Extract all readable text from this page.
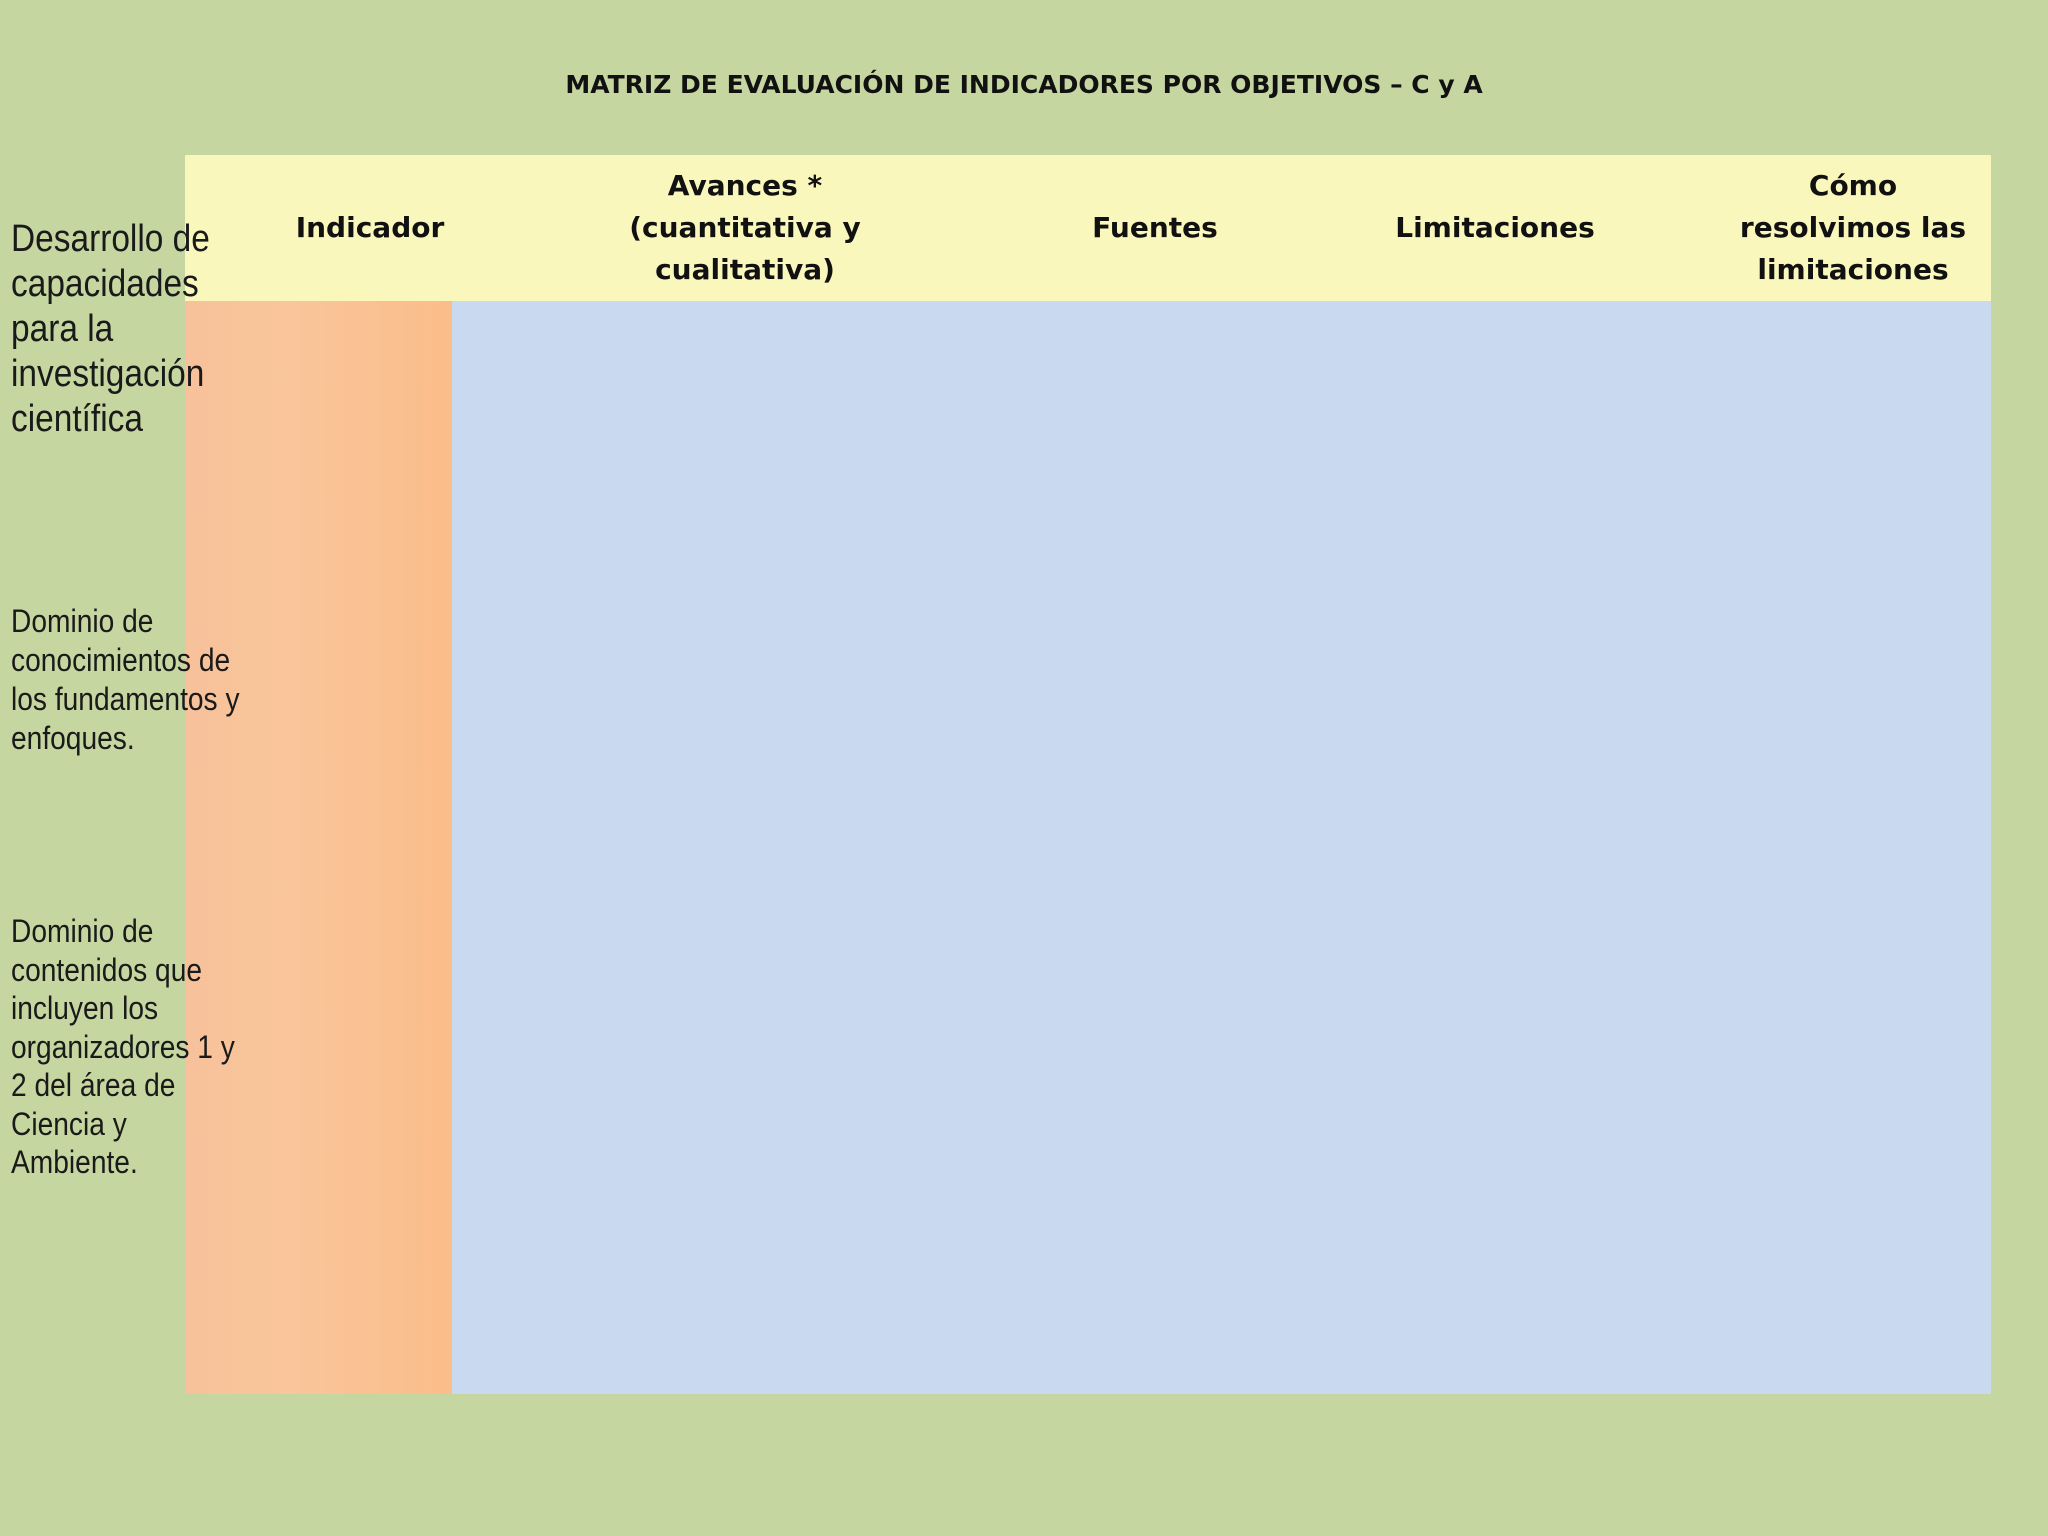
MATRIZ DE EVALUACIÓN DE INDICADORES POR OBJETIVOS – C y A
Indicador
Avances * (cuantitativa y cualitativa)
Fuentes	Limitaciones
Cómo resolvimos las limitaciones
Desarrollo de capacidades para la investigación científica
Dominio de conocimientos de los fundamentos y enfoques.
Dominio de contenidos que incluyen los organizadores 1 y 2 del área de Ciencia y Ambiente.
